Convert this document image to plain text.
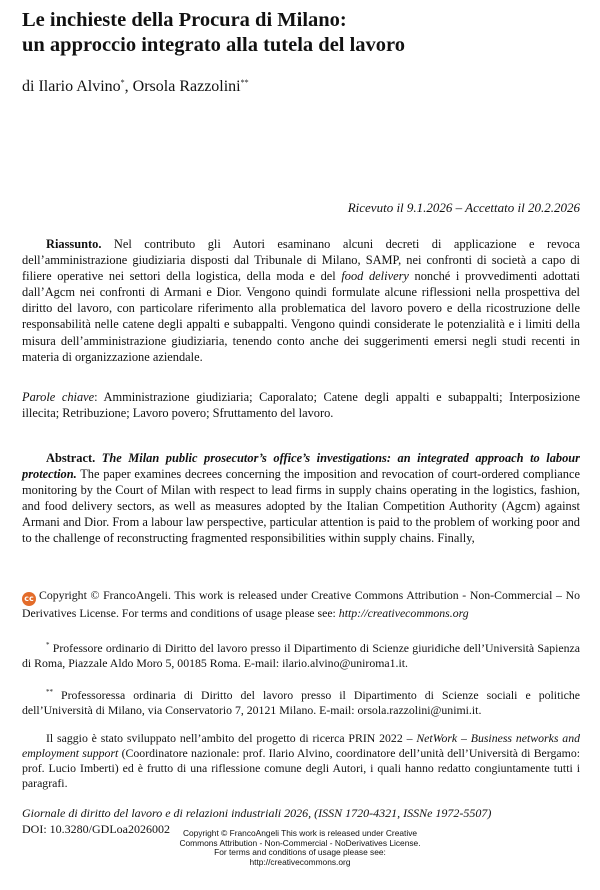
Le inchieste della Procura di Milano:
un approccio integrato alla tutela del lavoro
di Ilario Alvino*, Orsola Razzolini**
Ricevuto il 9.1.2026 – Accettato il 20.2.2026
Riassunto. Nel contributo gli Autori esaminano alcuni decreti di applicazione e revoca dell’amministrazione giudiziaria disposti dal Tribunale di Milano, SAMP, nei confronti di società a capo di filiere operative nei settori della logistica, della moda e del food delivery nonché i provvedimenti adottati dall’Agcm nei confronti di Armani e Dior. Vengono quindi formulate alcune riflessioni nella prospettiva del diritto del lavoro, con particolare riferimento alla problematica del lavoro povero e della ricostruzione delle responsabilità nelle catene degli appalti e subappalti. Vengono quindi considerate le potenzialità e i limiti della misura dell’amministrazione giudiziaria, tenendo conto anche dei suggerimenti emersi negli studi recenti in materia di organizzazione aziendale.
Parole chiave: Amministrazione giudiziaria; Caporalato; Catene degli appalti e subappalti; Interposizione illecita; Retribuzione; Lavoro povero; Sfruttamento del lavoro.
Abstract. The Milan public prosecutor’s office’s investigations: an integrated approach to labour protection. The paper examines decrees concerning the imposition and revocation of court-ordered compliance monitoring by the Court of Milan with respect to lead firms in supply chains operating in the logistics, fashion, and food delivery sectors, as well as measures adopted by the Italian Competition Authority (Agcm) against Armani and Dior. From a labour law perspective, particular attention is paid to the problem of working poor and to the challenge of reconstructing fragmented responsibilities within supply chains. Finally,
cc Copyright © FrancoAngeli. This work is released under Creative Commons Attribution - Non-Commercial – No Derivatives License. For terms and conditions of usage please see: http://creativecommons.org
* Professore ordinario di Diritto del lavoro presso il Dipartimento di Scienze giuridiche dell’Università Sapienza di Roma, Piazzale Aldo Moro 5, 00185 Roma. E-mail: ilario.alvino@uniroma1.it.
** Professoressa ordinaria di Diritto del lavoro presso il Dipartimento di Scienze sociali e politiche dell’Università di Milano, via Conservatorio 7, 20121 Milano. E-mail: orsola.razzolini@unimi.it.
Il saggio è stato sviluppato nell’ambito del progetto di ricerca PRIN 2022 – NetWork – Business networks and employment support (Coordinatore nazionale: prof. Ilario Alvino, coordinatore dell’unità dell’Università di Bergamo: prof. Lucio Imberti) ed è frutto di una riflessione comune degli Autori, i quali hanno redatto congiuntamente tutti i paragrafi.
Giornale di diritto del lavoro e di relazioni industriali 2026, (ISSN 1720-4321, ISSNe 1972-5507)
DOI: 10.3280/GDLoa2026002	Copyright © FrancoAngeli This work is released under Creative
Commons Attribution - Non-Commercial - NoDerivatives License.
For terms and conditions of usage please see:
http://creativecommons.org
